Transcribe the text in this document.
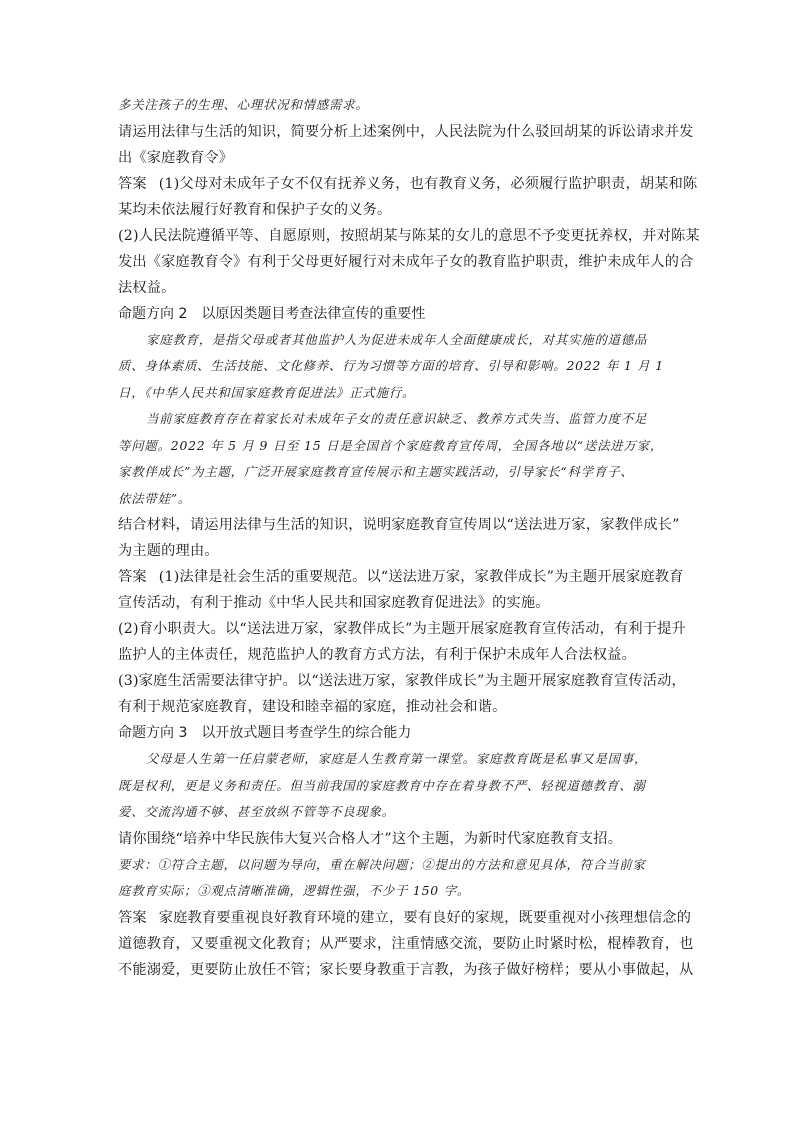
多关注孩子的生理、心理状况和情感需求。
请运用法律与生活的知识，简要分析上述案例中，人民法院为什么驳回胡某的诉讼请求并发
出《家庭教育令》
答案 (1)父母对未成年子女不仅有抚养义务，也有教育义务，必须履行监护职责，胡某和陈
某均未依法履行好教育和保护子女的义务。
(2)人民法院遵循平等、自愿原则，按照胡某与陈某的女儿的意思不予变更抚养权，并对陈某
发出《家庭教育令》有利于父母更好履行对未成年子女的教育监护职责，维护未成年人的合
法权益。
命题方向 2　以原因类题目考查法律宣传的重要性
家庭教育，是指父母或者其他监护人为促进未成年人全面健康成长，对其实施的道德品
质、身体素质、生活技能、文化修养、行为习惯等方面的培育、引导和影响。2022 年 1 月 1
日，《中华人民共和国家庭教育促进法》正式施行。
当前家庭教育存在着家长对未成年子女的责任意识缺乏、教养方式失当、监管力度不足
等问题。2022 年 5 月 9 日至 15 日是全国首个家庭教育宣传周，全国各地以“送法进万家，
家教伴成长”为主题，广泛开展家庭教育宣传展示和主题实践活动，引导家长“科学育子、
依法带娃”。
结合材料，请运用法律与生活的知识，说明家庭教育宣传周以“送法进万家，家教伴成长”
为主题的理由。
答案 (1)法律是社会生活的重要规范。以“送法进万家，家教伴成长”为主题开展家庭教育
宣传活动，有利于推动《中华人民共和国家庭教育促进法》的实施。
(2)育小职责大。以“送法进万家，家教伴成长”为主题开展家庭教育宣传活动，有利于提升
监护人的主体责任，规范监护人的教育方式方法，有利于保护未成年人合法权益。
(3)家庭生活需要法律守护。以“送法进万家，家教伴成长”为主题开展家庭教育宣传活动，
有利于规范家庭教育，建设和睦幸福的家庭，推动社会和谐。
命题方向 3　以开放式题目考查学生的综合能力
父母是人生第一任启蒙老师，家庭是人生教育第一课堂。家庭教育既是私事又是国事，
既是权利，更是义务和责任。但当前我国的家庭教育中存在着身教不严、轻视道德教育、溺
爱、交流沟通不够、甚至放纵不管等不良现象。
请你围绕“培养中华民族伟大复兴合格人才”这个主题，为新时代家庭教育支招。
要求：①符合主题，以问题为导向，重在解决问题；②提出的方法和意见具体，符合当前家
庭教育实际；③观点清晰准确，逻辑性强，不少于 150 字。
答案 家庭教育要重视良好教育环境的建立，要有良好的家规，既要重视对小孩理想信念的
道德教育，又要重视文化教育；从严要求，注重情感交流，要防止时紧时松，棍棒教育，也
不能溺爱，更要防止放任不管；家长要身教重于言教，为孩子做好榜样；要从小事做起，从
